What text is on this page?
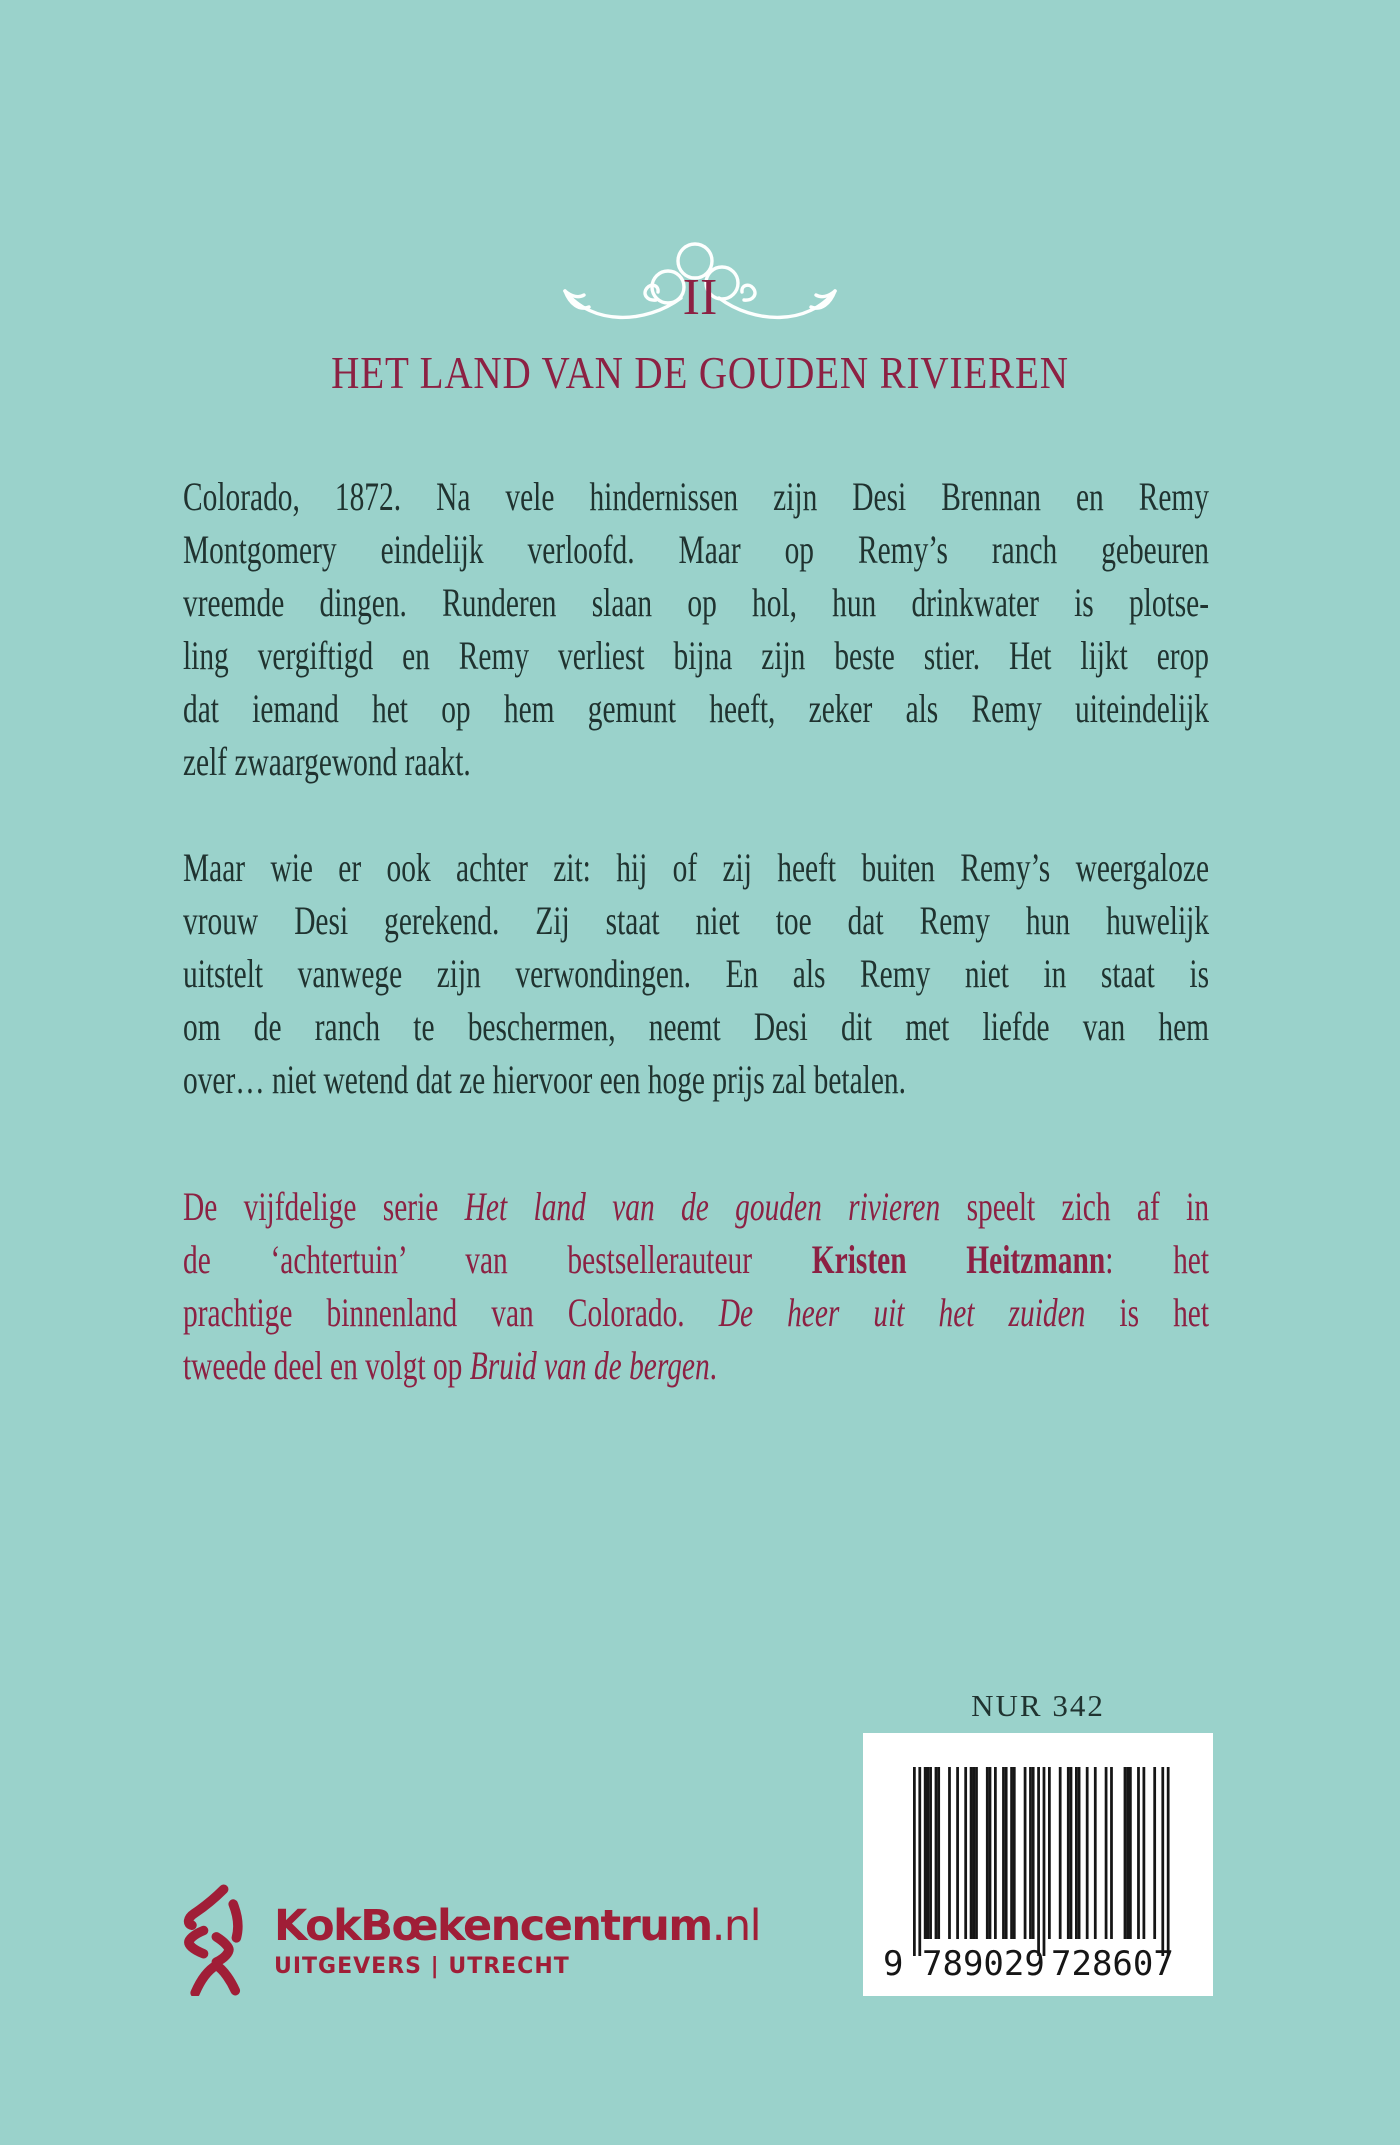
II
HET LAND VAN DE GOUDEN RIVIEREN

Colorado, 1872. Na vele hindernissen zijn Desi Brennan en Remy
Montgomery eindelijk verloofd. Maar op Remy’s ranch gebeuren
vreemde dingen. Runderen slaan op hol, hun drinkwater is plotse-
ling vergiftigd en Remy verliest bijna zijn beste stier. Het lijkt erop
dat iemand het op hem gemunt heeft, zeker als Remy uiteindelijk
zelf zwaargewond raakt.

Maar wie er ook achter zit: hij of zij heeft buiten Remy’s weergaloze
vrouw Desi gerekend. Zij staat niet toe dat Remy hun huwelijk
uitstelt vanwege zijn verwondingen. En als Remy niet in staat is
om de ranch te beschermen, neemt Desi dit met liefde van hem
over… niet wetend dat ze hiervoor een hoge prijs zal betalen.

De vijfdelige serie Het land van de gouden rivieren speelt zich af in
de ‘achtertuin’ van bestsellerauteur Kristen Heitzmann: het
prachtige binnenland van Colorado. De heer uit het zuiden is het
tweede deel en volgt op Bruid van de bergen.

NUR 342
9 789029 728607
KokBœkencentrum.nl
UITGEVERS | UTRECHT
